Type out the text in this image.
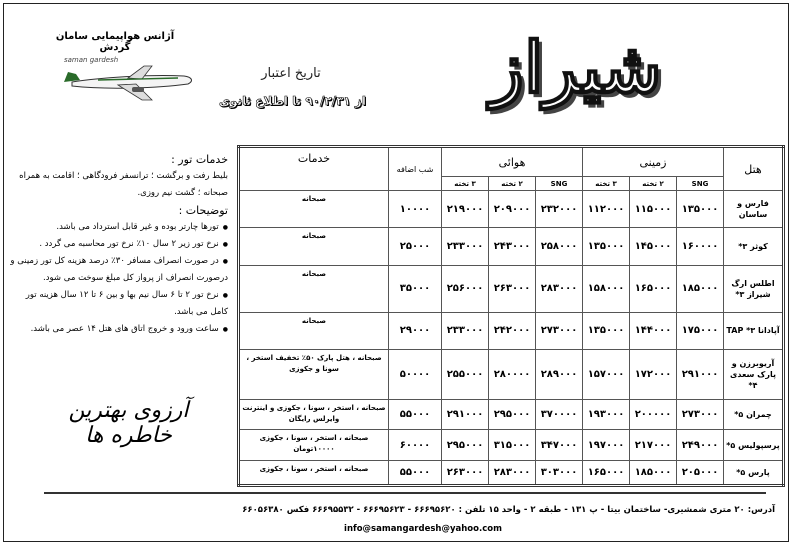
آژانس هواپیمایی سامان گردش
saman gardesh	شیراز
تاریخ اعتبار
از ۹۰/۲/۳۱ تا اطلاع ثانوی
خدمات تور :
بلیط رفت و برگشت ؛ ترانسفر فرودگاهی ؛ اقامت به همراه صبحانه ؛ گشت نیم روزی.
توضیحات :
● تورها چارتر بوده و غیر قابل استرداد می باشد.
● نرخ تور زیر ۲ سال ۱۰٪ نرخ تور محاسبه می گردد .
● در صورت انصراف مسافر ۳۰٪ درصد هزینه کل تور زمینی و درصورت انصراف از پرواز کل مبلغ سوخت می شود.
● نرخ تور ۲ تا ۶ سال نیم بها و بین ۶ تا ۱۲ سال هزینه تور کامل می باشد.
● ساعت ورود و خروج اتاق های هتل ۱۴ عصر می باشد.
آرزوی بهترین خاطره ها
هتل	زمینی			هوائی			شب اضافه	خدمات
	SNG	۲ تخته	۳ تخته	SNG	۲ تخته	۳ تخته		
فارس و ساسان	۱۳۵۰۰۰	۱۱۵۰۰۰	۱۱۲۰۰۰	۲۳۲۰۰۰	۲۰۹۰۰۰	۲۱۹۰۰۰	۱۰۰۰۰	صبحانه
کوثر ۳*	۱۶۰۰۰۰	۱۴۵۰۰۰	۱۳۵۰۰۰	۲۵۸۰۰۰	۲۴۳۰۰۰	۲۳۳۰۰۰	۲۵۰۰۰	صبحانه
اطلس ارگ شیراز ۳*	۱۸۵۰۰۰	۱۶۵۰۰۰	۱۵۸۰۰۰	۲۸۳۰۰۰	۲۶۳۰۰۰	۲۵۶۰۰۰	۳۵۰۰۰	صبحانه
آپادانا ۳* TAP	۱۷۵۰۰۰	۱۴۴۰۰۰	۱۳۵۰۰۰	۲۷۳۰۰۰	۲۴۲۰۰۰	۲۳۳۰۰۰	۲۹۰۰۰	صبحانه
آریوبرزن و پارک سعدی ۴*	۲۹۱۰۰۰	۱۷۲۰۰۰	۱۵۷۰۰۰	۲۸۹۰۰۰	۲۸۰۰۰۰	۲۵۵۰۰۰	۵۰۰۰۰	صبحانه ، هتل پارک ۵۰٪ تخفیف استخر ، سونا و جکوزی
چمران ۵*	۲۷۳۰۰۰	۲۰۰۰۰۰	۱۹۳۰۰۰	۳۷۰۰۰۰	۲۹۵۰۰۰	۲۹۱۰۰۰	۵۵۰۰۰	صبحانه ، استخر ، سونا ، جکوزی و اینترنت وایرلس رایگان
پرسپولیس ۵*	۲۴۹۰۰۰	۲۱۷۰۰۰	۱۹۷۰۰۰	۳۴۷۰۰۰	۳۱۵۰۰۰	۲۹۵۰۰۰	۶۰۰۰۰	صبحانه ، استخر ، سونا ، جکوزی ۱۰۰۰۰تومان
پارس ۵*	۲۰۵۰۰۰	۱۸۵۰۰۰	۱۶۵۰۰۰	۳۰۳۰۰۰	۲۸۳۰۰۰	۲۶۳۰۰۰	۵۵۰۰۰	صبحانه ، استخر ، سونا ، جکوزی
آدرس: ۲۰ متری شمشیری- ساختمان بیتا - پ ۱۳۱ - طبقه ۲ - واحد ۱۵ تلفن : ۶۶۶۹۵۶۲۰ - ۶۶۶۹۵۶۲۳ - ۶۶۶۹۵۵۳۲ فکس ۶۶۰۵۶۳۸۰
info@samangardesh@yahoo.com
